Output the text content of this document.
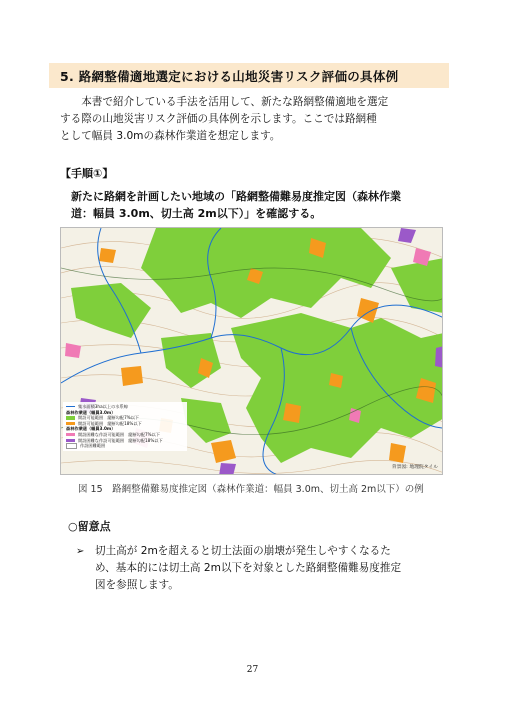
5. 路網整備適地選定における山地災害リスク評価の具体例

本書で紹介している手法を活用して、新たな路網整備適地を選定
する際の山地災害リスク評価の具体例を示します。ここでは路網種
として幅員 3.0mの森林作業道を想定します。

【手順①】
新たに路網を計画したい地域の「路網整備難易度推定図（森林作業
道：幅員 3.0m、切土高 2m以下）」を確認する。
集水面積3ha以上の水系線
森林作業道（幅員3.0m）
開設可能範囲　縦断勾配7%以下
開設可能範囲　縦断勾配18%以下
森林作業道（幅員3.0m）
開設困難な作設可能範囲　縦断勾配7%以下
開設困難な作設可能範囲　縦断勾配18%以下
作設困難範囲
背景図: 地理院タイル
図 15　路網整備難易度推定図（森林作業道：幅員 3.0m、切土高 2m以下）の例
○留意点
➢ 切土高が 2mを超えると切土法面の崩壊が発生しやすくなるた
め、基本的には切土高 2m以下を対象とした路網整備難易度推定
図を参照します。
27
